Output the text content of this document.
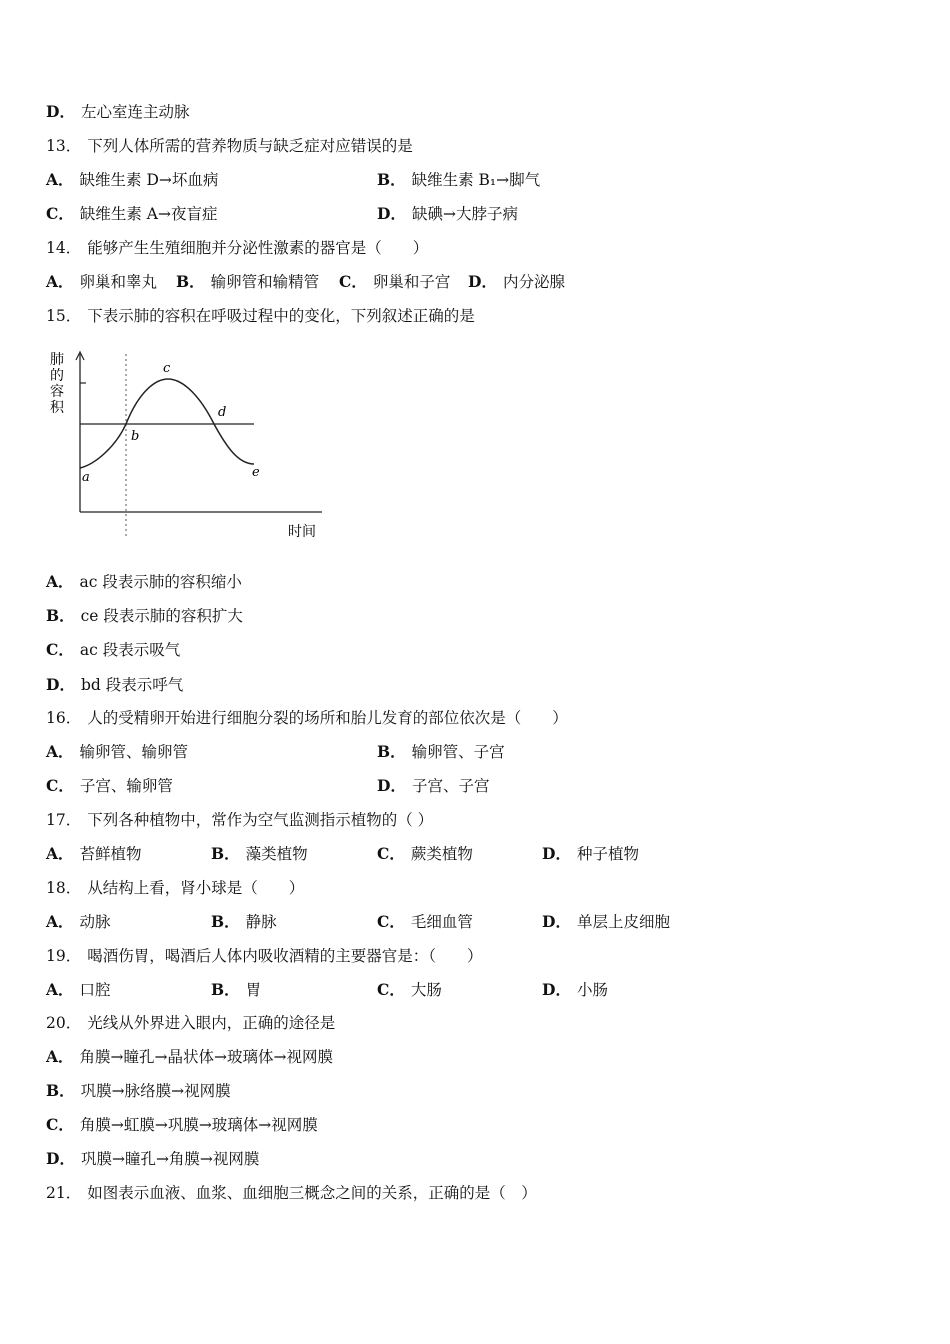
D． 左心室连主动脉
13． 下列人体所需的营养物质与缺乏症对应错误的是
A． 缺维生素 D→坏血病	B． 缺维生素 B₁→脚气
C． 缺维生素 A→夜盲症	D． 缺碘→大脖子病
14． 能够产生生殖细胞并分泌性激素的器官是（　　）
A． 卵巢和睾丸 B． 输卵管和输精管 C． 卵巢和子宫 D． 内分泌腺
15． 下表示肺的容积在呼吸过程中的变化，下列叙述正确的是
肺
的
容
积
a
b
c
d
e
时间
A． ac 段表示肺的容积缩小
B． ce 段表示肺的容积扩大
C． ac 段表示吸气
D． bd 段表示呼气
16． 人的受精卵开始进行细胞分裂的场所和胎儿发育的部位依次是（　　）
A． 输卵管、输卵管	B． 输卵管、子宫
C． 子宫、输卵管	D． 子宫、子宫
17． 下列各种植物中，常作为空气监测指示植物的（ ）
A． 苔鲜植物	B． 藻类植物	C． 蕨类植物	D． 种子植物
18． 从结构上看，肾小球是（　　）
A． 动脉	B． 静脉	C． 毛细血管	D． 单层上皮细胞
19． 喝酒伤胃，喝酒后人体内吸收酒精的主要器官是：（　　）
A． 口腔	B． 胃	C． 大肠	D． 小肠
20． 光线从外界进入眼内，正确的途径是
A． 角膜→瞳孔→晶状体→玻璃体→视网膜
B． 巩膜→脉络膜→视网膜
C． 角膜→虹膜→巩膜→玻璃体→视网膜
D． 巩膜→瞳孔→角膜→视网膜
21． 如图表示血液、血浆、血细胞三概念之间的关系，正确的是（　）
